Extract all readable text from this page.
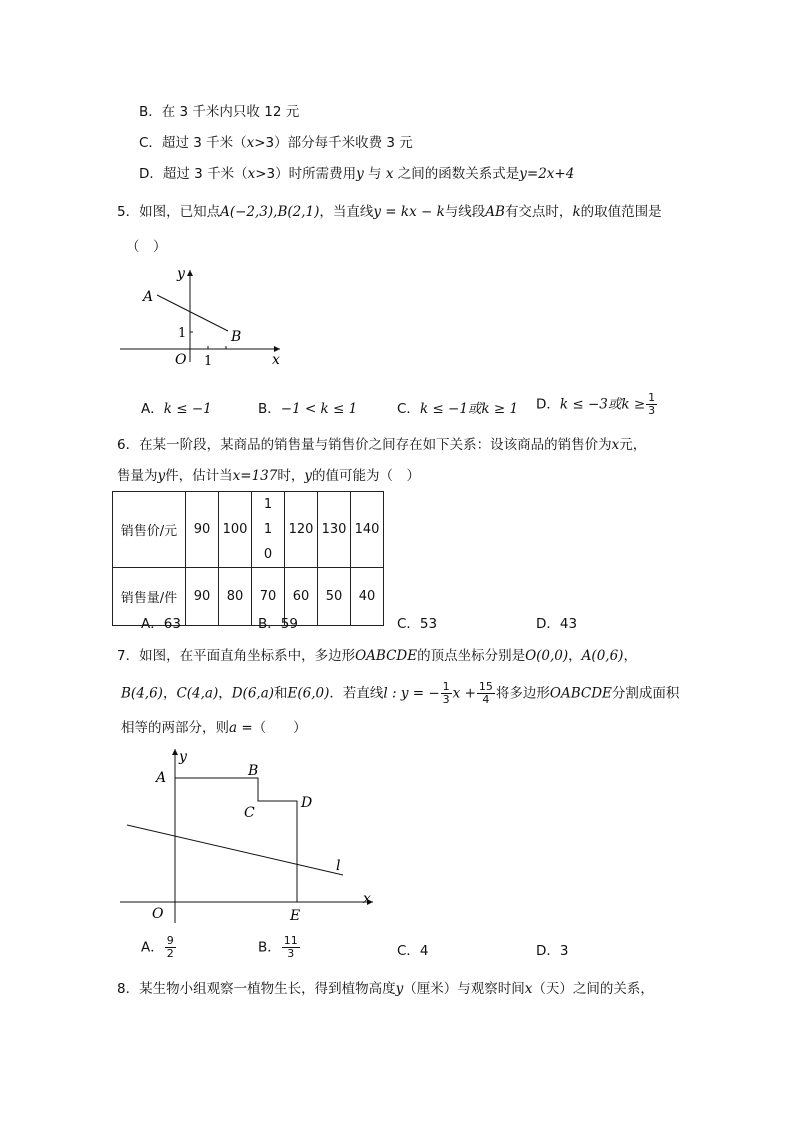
B．在 3 千米内只收 12 元
C．超过 3 千米（x>3）部分每千米收费 3 元
D．超过 3 千米（x>3）时所需费用y 与 x 之间的函数关系式是y=2x+4
5．如图，已知点A(−2,3),B(2,1)，当直线y = kx − k与线段AB有交点时，k的取值范围是
（　）
y
x
A
B
O 1
1
A．k ≤ −1	B．−1 < k ≤ 1	C．k ≤ −1或k ≥ 1 D．k ≤ −3或$k \ge \frac{1}{3}$
6．在某一阶段，某商品的销售量与销售价之间存在如下关系：设该商品的销售价为x元，
售量为y件，估计当x=137时，y的值可能为（　）
销售价/元	90	100	110	120	130	140
销售量/件	90	80	70	60	50	40
A．63	B．59	C．53	D．43
7．如图，在平面直角坐标系中，多边形OABCDE的顶点坐标分别是O(0,0)，A(0,6)，
B(4,6)，C(4,a)，D(6,a)和E(6,0)．若直线l : y = − $\frac{1}{3}$ $x + \frac{15}{4}$ 将多边形OABCDE分割成面积
相等的两部分，则a =（　　）
y
x
A	B
C
D
O	E
l
A． $\frac{9}{2}$	B． $\frac{11}{3}$	C．4	D．3
8．某生物小组观察一植物生长，得到植物高度y（厘米）与观察时间x（天）之间的关系，
